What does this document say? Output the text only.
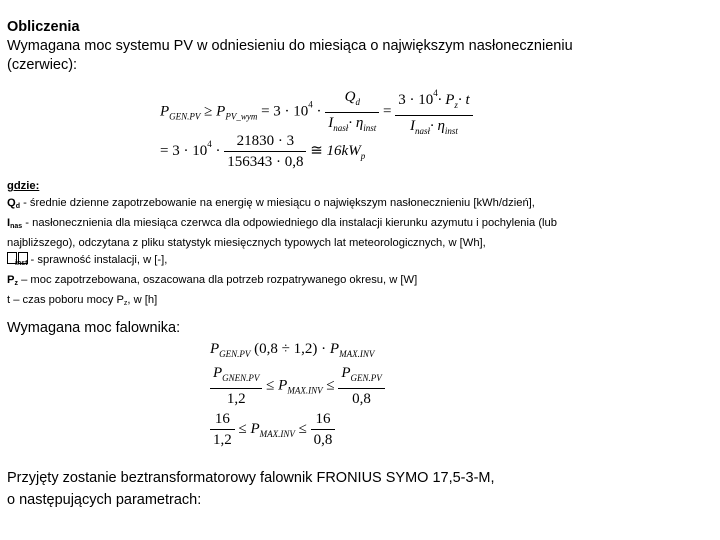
Obliczenia
Wymagana moc systemu PV w odniesieniu do miesiąca o największym nasłonecznieniu
(czerwiec):
$P_{GEN.PV} \ge P_{PV\_wym} = 3 \cdot 10^4 \cdot \frac{Q_d}{I_{nasł}\cdot \eta_{inst}} = \frac{3 \cdot 10^4\cdot P_z\cdot t}{I_{nasł}\cdot \eta_{inst}}$
= $3 \cdot 10^4 \cdot \frac{21830 \cdot 3}{156343 \cdot 0,8}$ ≅ $16kW_p$
gdzie:
Qd - średnie dzienne zapotrzebowanie na energię w miesiącu o największym nasłonecznieniu [kWh/dzień],
Inas - nasłonecznienia dla miesiąca czerwca dla odpowiedniego dla instalacji kierunku azymutu i pochylenia (lub
najbliższego), odczytana z pliku statystyk miesięcznych typowych lat meteorologicznych, w [Wh],
inst - sprawność instalacji, w [-],
Pz – moc zapotrzebowana, oszacowana dla potrzeb rozpatrywanego okresu, w [W]
t – czas poboru mocy Pz, w [h]
Wymagana moc falownika:
$P_{GEN.PV}$ $(0,8 \div 1,2) \cdot P_{MAX.INV}$
$\frac{P_{GNEN.PV}}{1,2} \le P_{MAX.INV} \le \frac{P_{GEN.PV}}{0,8}$
$\frac{16}{1,2} \le P_{MAX.INV} \le \frac{16}{0,8}$
Przyjęty zostanie beztransformatorowy falownik FRONIUS SYMO 17,5-3-M,
o następujących parametrach:
